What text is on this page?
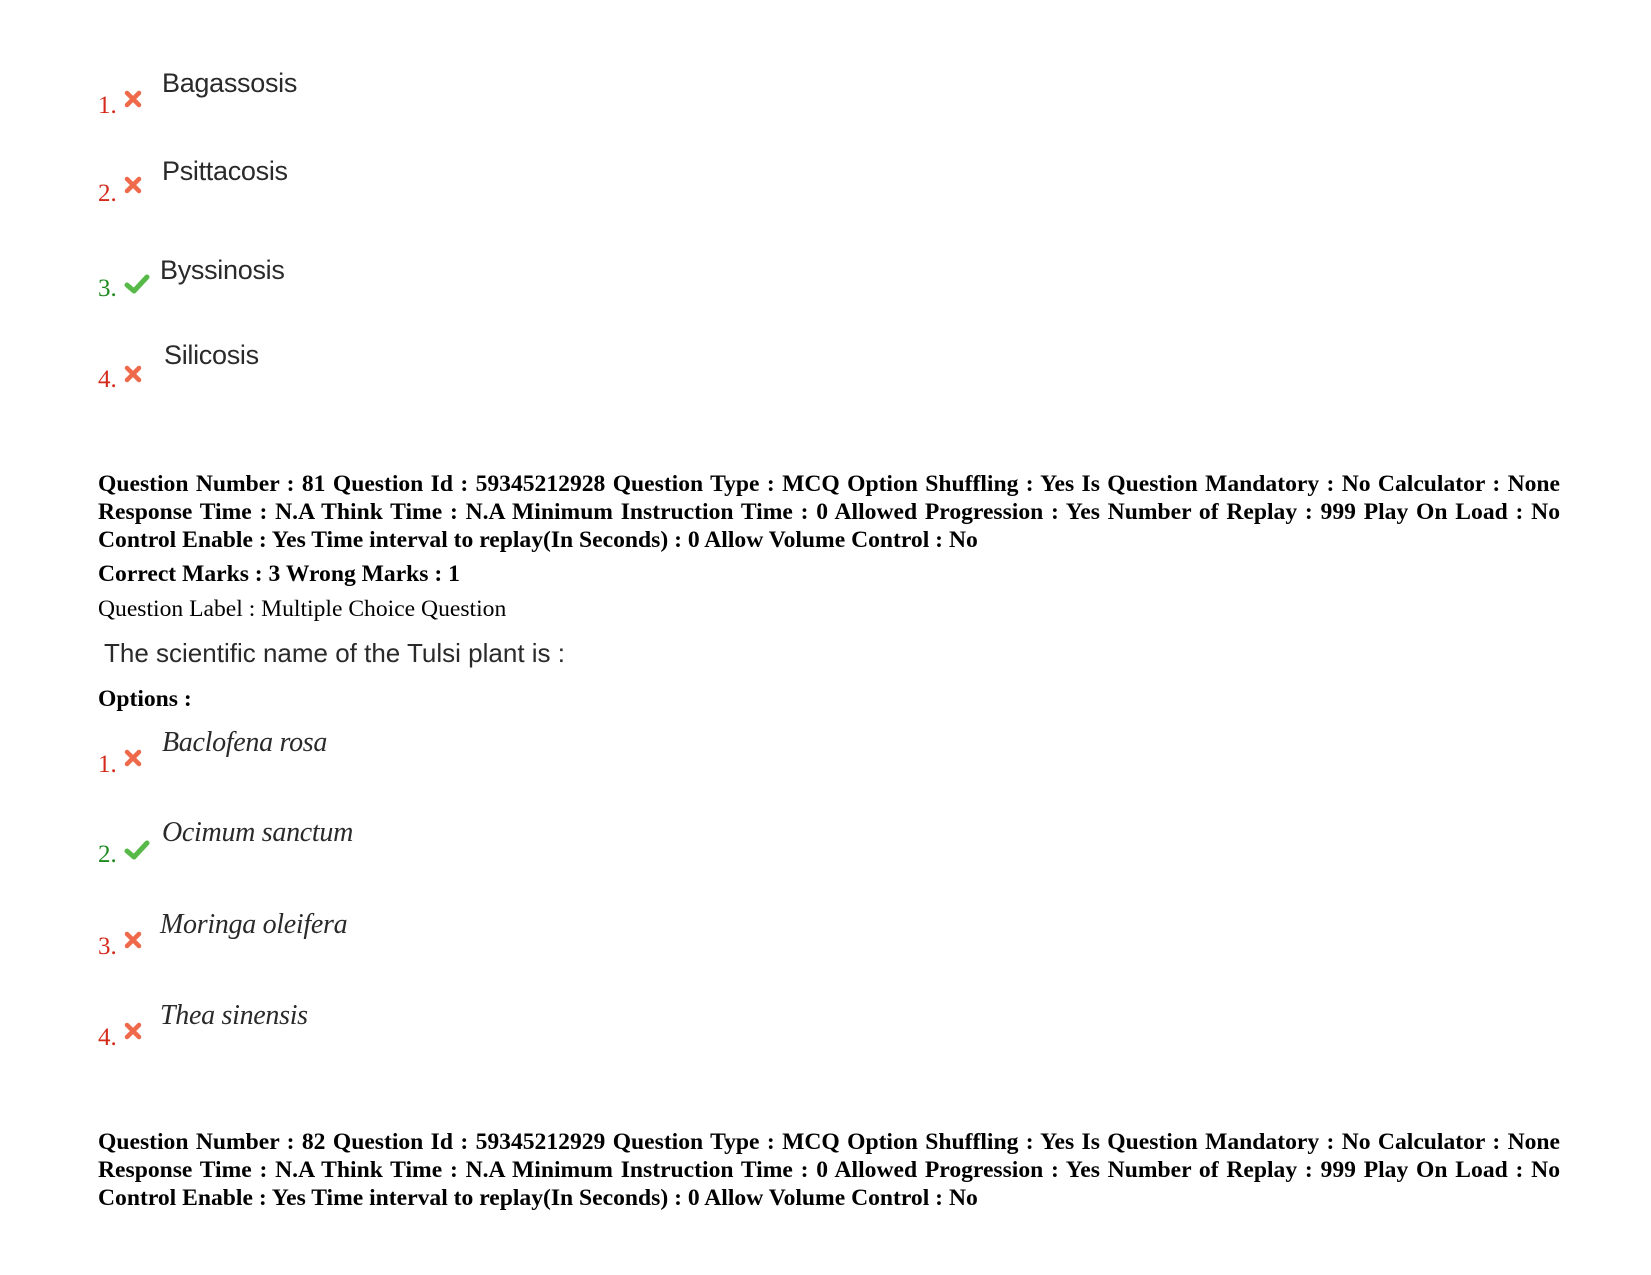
1.
Bagassosis
2.
Psittacosis
3.
Byssinosis
4.
Silicosis
Question Number : 81 Question Id : 59345212928 Question Type : MCQ Option Shuffling : Yes Is Question Mandatory : No Calculator : None Response Time : N.A Think Time : N.A Minimum Instruction Time : 0 Allowed Progression : Yes Number of Replay : 999 Play On Load : No Control Enable : Yes Time interval to replay(In Seconds) : 0 Allow Volume Control : No
Correct Marks : 3 Wrong Marks : 1
Question Label : Multiple Choice Question
The scientific name of the Tulsi plant is :
Options :
1.
Baclofena rosa
2.
Ocimum sanctum
3.
Moringa oleifera
4.
Thea sinensis
Question Number : 82 Question Id : 59345212929 Question Type : MCQ Option Shuffling : Yes Is Question Mandatory : No Calculator : None Response Time : N.A Think Time : N.A Minimum Instruction Time : 0 Allowed Progression : Yes Number of Replay : 999 Play On Load : No Control Enable : Yes Time interval to replay(In Seconds) : 0 Allow Volume Control : No
